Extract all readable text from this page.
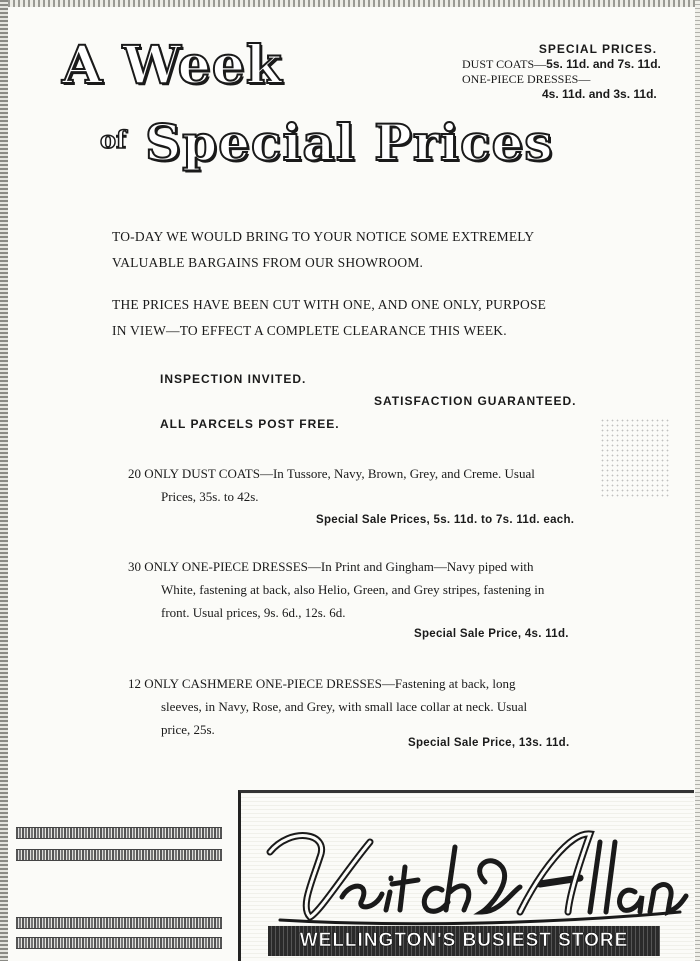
A Week
of Special Prices
SPECIAL PRICES.
DUST COATS—5s. 11d. and 7s. 11d.
ONE-PIECE DRESSES—
4s. 11d. and 3s. 11d.
TO-DAY WE WOULD BRING TO YOUR NOTICE SOME EXTREMELY VALUABLE BARGAINS FROM OUR SHOWROOM.
THE PRICES HAVE BEEN CUT WITH ONE, AND ONE ONLY, PURPOSE IN VIEW—TO EFFECT A COMPLETE CLEARANCE THIS WEEK.
INSPECTION INVITED.
SATISFACTION GUARANTEED.
ALL PARCELS POST FREE.
20 ONLY DUST COATS—In Tussore, Navy, Brown, Grey, and Creme. Usual
Prices, 35s. to 42s.
Special Sale Prices, 5s. 11d. to 7s. 11d. each.
30 ONLY ONE-PIECE DRESSES—In Print and Gingham—Navy piped with
White, fastening at back, also Helio, Green, and Grey stripes, fastening in front. Usual prices, 9s. 6d., 12s. 6d.
Special Sale Price, 4s. 11d.
12 ONLY CASHMERE ONE-PIECE DRESSES—Fastening at back, long
sleeves, in Navy, Rose, and Grey, with small lace collar at neck. Usual price, 25s.
Special Sale Price, 13s. 11d.
WELLINGTON'S BUSIEST STORE
